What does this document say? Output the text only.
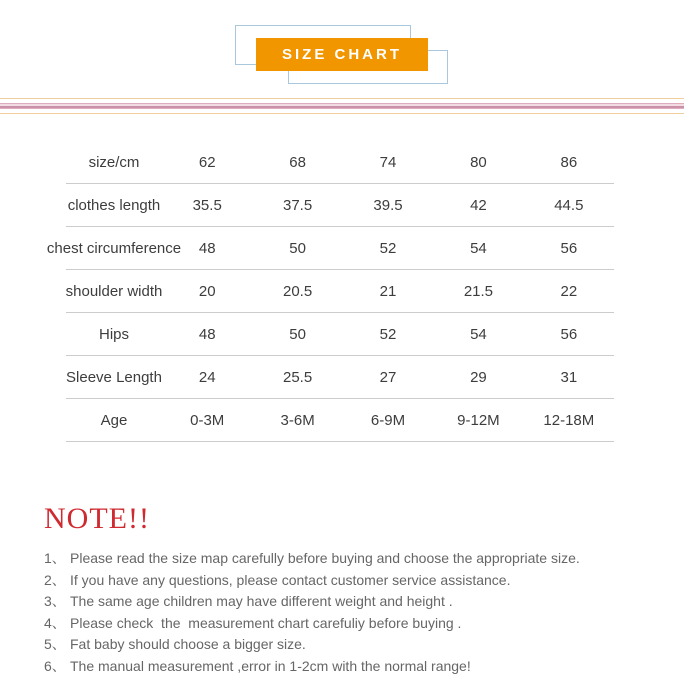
SIZE CHART
size/cm	62	68	74	80	86
clothes length	35.5	37.5	39.5	42	44.5
chest circumference	48	50	52	54	56
shoulder width	20	20.5	21	21.5	22
Hips	48	50	52	54	56
Sleeve Length	24	25.5	27	29	31
Age	0-3M	3-6M	6-9M	9-12M	12-18M
NOTE!!
1、 Please read the size map carefully before buying and choose the appropriate size.
2、 If you have any questions, please contact customer service assistance.
3、 The same age children may have different weight and height .
4、 Please check  the  measurement chart carefuliy before buying .
5、 Fat baby should choose a bigger size.
6、 The manual measurement ,error in 1-2cm with the normal range!
